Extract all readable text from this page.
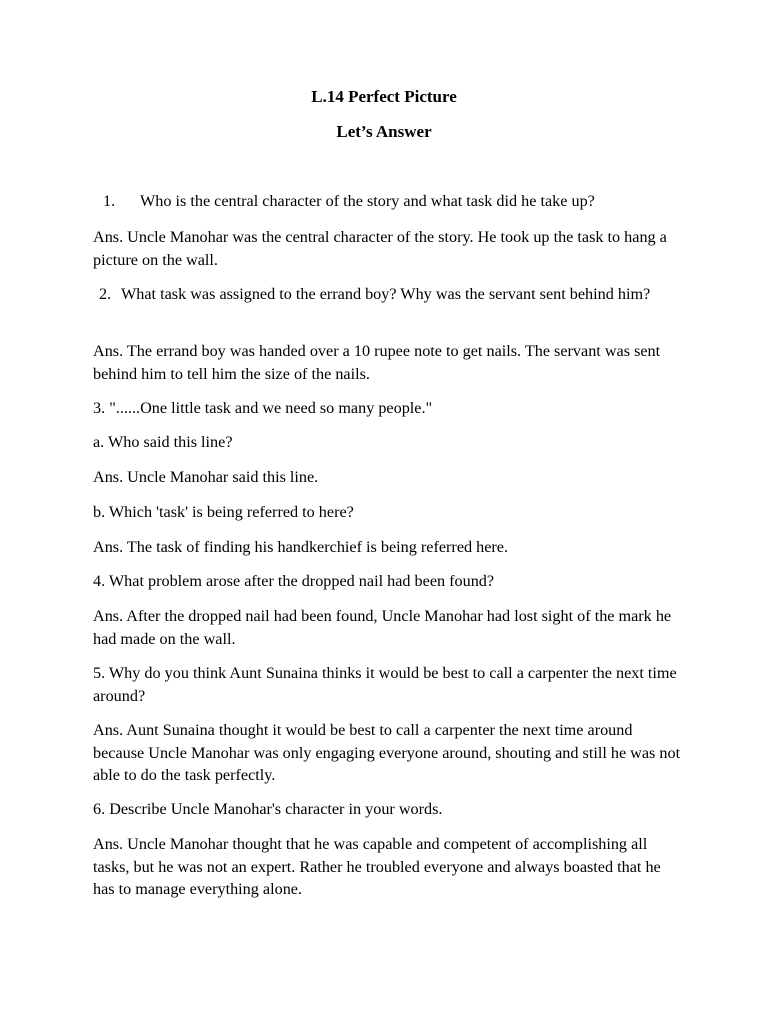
L.14 Perfect Picture
Let’s Answer
1. Who is the central character of the story and what task did he take up?

Ans. Uncle Manohar was the central character of the story. He took up the task to hang a picture on the wall.

2. What task was assigned to the errand boy? Why was the servant sent behind him?

Ans. The errand boy was handed over a 10 rupee note to get nails. The servant was sent behind him to tell him the size of the nails.

3. "......One little task and we need so many people."

a. Who said this line?

Ans. Uncle Manohar said this line.

b. Which 'task' is being referred to here?

Ans. The task of finding his handkerchief is being referred here.

4. What problem arose after the dropped nail had been found?

Ans. After the dropped nail had been found, Uncle Manohar had lost sight of the mark he had made on the wall.

5. Why do you think Aunt Sunaina thinks it would be best to call a carpenter the next time around?

Ans. Aunt Sunaina thought it would be best to call a carpenter the next time around because Uncle Manohar was only engaging everyone around, shouting and still he was not able to do the task perfectly.

6. Describe Uncle Manohar's character in your words.

Ans. Uncle Manohar thought that he was capable and competent of accomplishing all tasks, but he was not an expert. Rather he troubled everyone and always boasted that he has to manage everything alone.
